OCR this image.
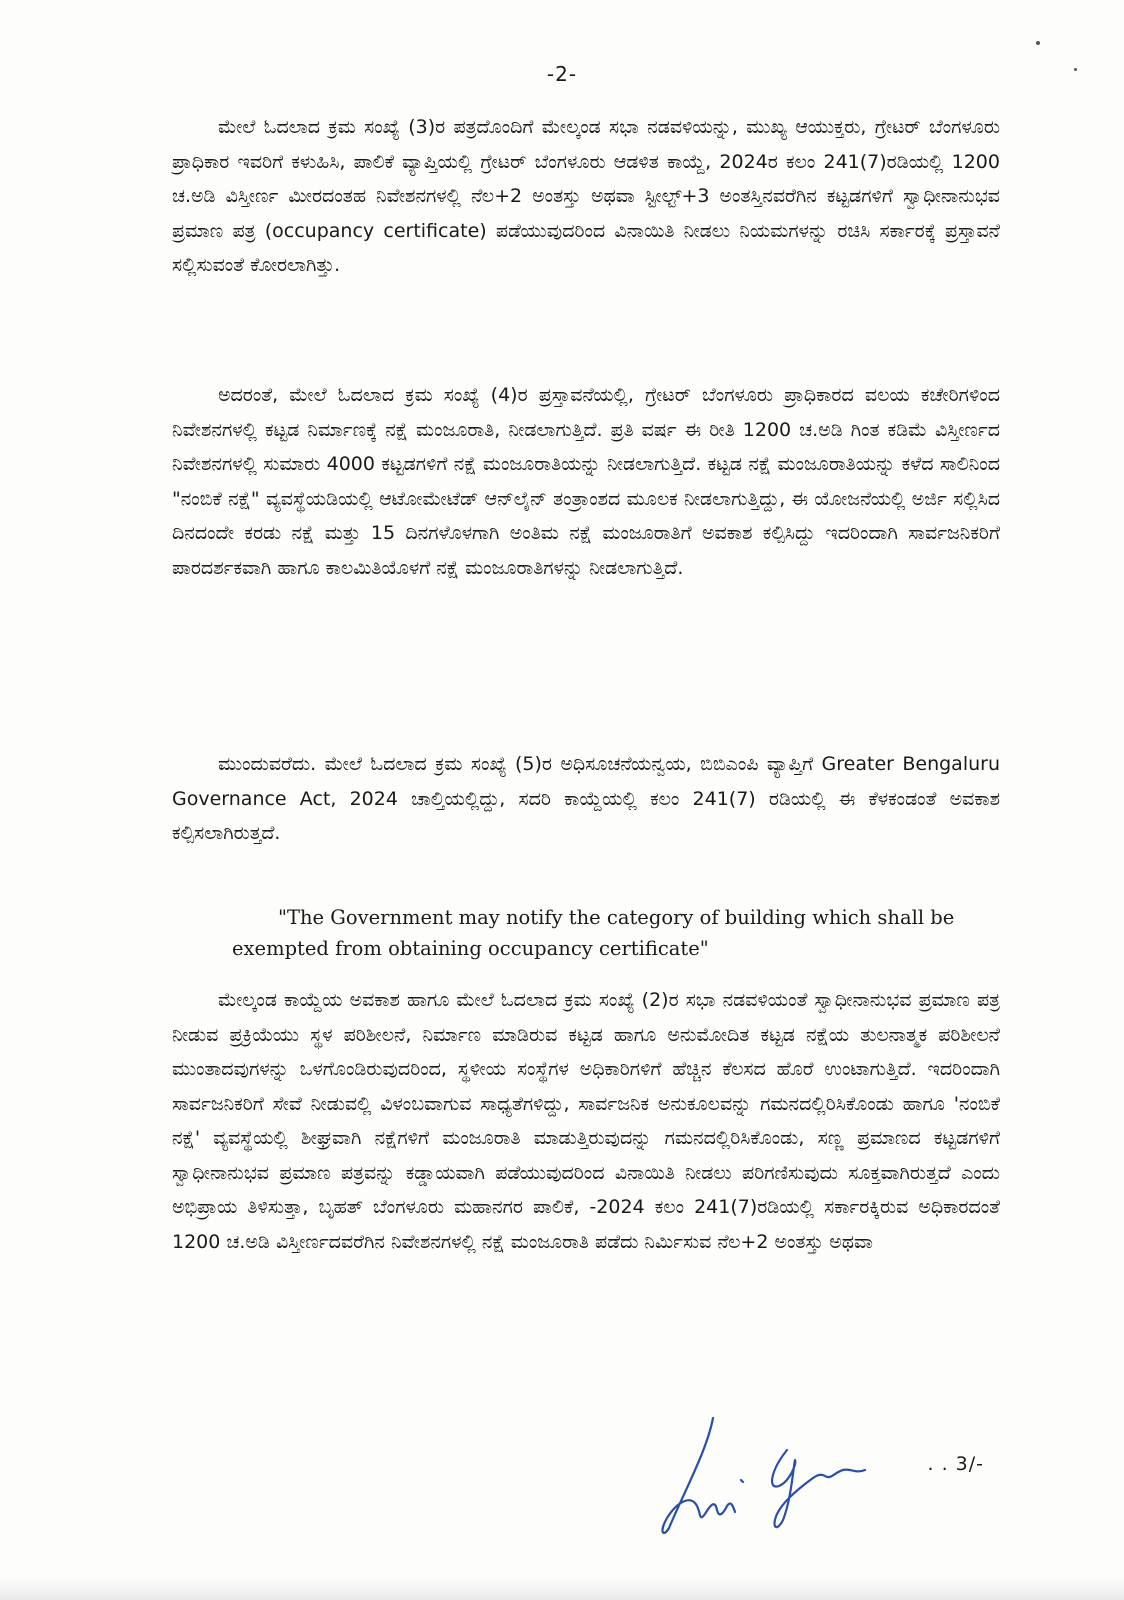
-2-

ಮೇಲೆ ಓದಲಾದ ಕ್ರಮ ಸಂಖ್ಯೆ (3)ರ ಪತ್ರದೊಂದಿಗೆ ಮೇಲ್ಕಂಡ ಸಭಾ ನಡವಳಿಯನ್ನು, ಮುಖ್ಯ ಆಯುಕ್ತರು, ಗ್ರೇಟರ್ ಬೆಂಗಳೂರು ಪ್ರಾಧಿಕಾರ ಇವರಿಗೆ ಕಳುಹಿಸಿ, ಪಾಲಿಕೆ ವ್ಯಾಪ್ತಿಯಲ್ಲಿ ಗ್ರೇಟರ್ ಬೆಂಗಳೂರು ಆಡಳಿತ ಕಾಯ್ದೆ, 2024ರ ಕಲಂ 241(7)ರಡಿಯಲ್ಲಿ 1200 ಚ.ಅಡಿ ವಿಸ್ತೀರ್ಣ ಮೀರದಂತಹ ನಿವೇಶನಗಳಲ್ಲಿ ನೆಲ+2 ಅಂತಸ್ತು ಅಥವಾ ಸ್ಟೀಲ್ಟ್+3 ಅಂತಸ್ತಿನವರೆಗಿನ ಕಟ್ಟಡಗಳಿಗೆ ಸ್ವಾಧೀನಾನುಭವ ಪ್ರಮಾಣ ಪತ್ರ (occupancy certificate) ಪಡೆಯುವುದರಿಂದ ವಿನಾಯಿತಿ ನೀಡಲು ನಿಯಮಗಳನ್ನು ರಚಿಸಿ ಸರ್ಕಾರಕ್ಕೆ ಪ್ರಸ್ತಾವನೆ ಸಲ್ಲಿಸುವಂತೆ ಕೋರಲಾಗಿತ್ತು.

ಅದರಂತೆ, ಮೇಲೆ ಓದಲಾದ ಕ್ರಮ ಸಂಖ್ಯೆ (4)ರ ಪ್ರಸ್ತಾವನೆಯಲ್ಲಿ, ಗ್ರೇಟರ್ ಬೆಂಗಳೂರು ಪ್ರಾಧಿಕಾರದ ವಲಯ ಕಚೇರಿಗಳಿಂದ ನಿವೇಶನಗಳಲ್ಲಿ ಕಟ್ಟಡ ನಿರ್ಮಾಣಕ್ಕೆ ನಕ್ಷೆ ಮಂಜೂರಾತಿ, ನೀಡಲಾಗುತ್ತಿದೆ. ಪ್ರತಿ ವರ್ಷ ಈ ರೀತಿ 1200 ಚ.ಅಡಿ ಗಿಂತ ಕಡಿಮೆ ವಿಸ್ತೀರ್ಣದ ನಿವೇಶನಗಳಲ್ಲಿ ಸುಮಾರು 4000 ಕಟ್ಟಡಗಳಿಗೆ ನಕ್ಷೆ ಮಂಜೂರಾತಿಯನ್ನು ನೀಡಲಾಗುತ್ತಿದೆ. ಕಟ್ಟಡ ನಕ್ಷೆ ಮಂಜೂರಾತಿಯನ್ನು ಕಳೆದ ಸಾಲಿನಿಂದ "ನಂಬಿಕೆ ನಕ್ಷೆ" ವ್ಯವಸ್ಥೆಯಡಿಯಲ್ಲಿ ಆಟೋಮೇಟೆಡ್ ಆನ್‌ಲೈನ್ ತಂತ್ರಾಂಶದ ಮೂಲಕ ನೀಡಲಾಗುತ್ತಿದ್ದು, ಈ ಯೋಜನೆಯಲ್ಲಿ ಅರ್ಜಿ ಸಲ್ಲಿಸಿದ ದಿನದಂದೇ ಕರಡು ನಕ್ಷೆ ಮತ್ತು 15 ದಿನಗಳೊಳಗಾಗಿ ಅಂತಿಮ ನಕ್ಷೆ ಮಂಜೂರಾತಿಗೆ ಅವಕಾಶ ಕಲ್ಪಿಸಿದ್ದು ಇದರಿಂದಾಗಿ ಸಾರ್ವಜನಿಕರಿಗೆ ಪಾರದರ್ಶಕವಾಗಿ ಹಾಗೂ ಕಾಲಮಿತಿಯೊಳಗೆ ನಕ್ಷೆ ಮಂಜೂರಾತಿಗಳನ್ನು ನೀಡಲಾಗುತ್ತಿದೆ.

ಮುಂದುವರೆದು. ಮೇಲೆ ಓದಲಾದ ಕ್ರಮ ಸಂಖ್ಯೆ (5)ರ ಅಧಿಸೂಚನೆಯನ್ವಯ, ಬಿಬಿಎಂಪಿ ವ್ಯಾಪ್ತಿಗೆ Greater Bengaluru Governance Act, 2024 ಚಾಲ್ತಿಯಲ್ಲಿದ್ದು, ಸದರಿ ಕಾಯ್ದೆಯಲ್ಲಿ ಕಲಂ 241(7) ರಡಿಯಲ್ಲಿ ಈ ಕೆಳಕಂಡಂತೆ ಅವಕಾಶ ಕಲ್ಪಿಸಲಾಗಿರುತ್ತದೆ.

"The Government may notify the category of building which shall be exempted from obtaining occupancy certificate"

ಮೇಲ್ಕಂಡ ಕಾಯ್ದೆಯ ಅವಕಾಶ ಹಾಗೂ ಮೇಲೆ ಓದಲಾದ ಕ್ರಮ ಸಂಖ್ಯೆ (2)ರ ಸಭಾ ನಡವಳಿಯಂತೆ ಸ್ವಾಧೀನಾನುಭವ ಪ್ರಮಾಣ ಪತ್ರ ನೀಡುವ ಪ್ರಕ್ರಿಯೆಯು ಸ್ಥಳ ಪರಿಶೀಲನೆ, ನಿರ್ಮಾಣ ಮಾಡಿರುವ ಕಟ್ಟಡ ಹಾಗೂ ಅನುಮೋದಿತ ಕಟ್ಟಡ ನಕ್ಷೆಯ ತುಲನಾತ್ಮಕ ಪರಿಶೀಲನೆ ಮುಂತಾದವುಗಳನ್ನು ಒಳಗೊಂಡಿರುವುದರಿಂದ, ಸ್ಥಳೀಯ ಸಂಸ್ಥೆಗಳ ಅಧಿಕಾರಿಗಳಿಗೆ ಹೆಚ್ಚಿನ ಕೆಲಸದ ಹೊರೆ ಉಂಟಾಗುತ್ತಿದೆ. ಇದರಿಂದಾಗಿ ಸಾರ್ವಜನಿಕರಿಗೆ ಸೇವೆ ನೀಡುವಲ್ಲಿ ವಿಳಂಬವಾಗುವ ಸಾಧ್ಯತೆಗಳಿದ್ದು, ಸಾರ್ವಜನಿಕ ಅನುಕೂಲವನ್ನು ಗಮನದಲ್ಲಿರಿಸಿಕೊಂಡು ಹಾಗೂ 'ನಂಬಿಕೆ ನಕ್ಷೆ' ವ್ಯವಸ್ಥೆಯಲ್ಲಿ ಶೀಘ್ರವಾಗಿ ನಕ್ಷೆಗಳಿಗೆ ಮಂಜೂರಾತಿ ಮಾಡುತ್ತಿರುವುದನ್ನು ಗಮನದಲ್ಲಿರಿಸಿಕೊಂಡು, ಸಣ್ಣ ಪ್ರಮಾಣದ ಕಟ್ಟಡಗಳಿಗೆ ಸ್ವಾಧೀನಾನುಭವ ಪ್ರಮಾಣ ಪತ್ರವನ್ನು ಕಡ್ಡಾಯವಾಗಿ ಪಡೆಯುವುದರಿಂದ ವಿನಾಯಿತಿ ನೀಡಲು ಪರಿಗಣಿಸುವುದು ಸೂಕ್ತವಾಗಿರುತ್ತದೆ ಎಂದು ಅಭಿಪ್ರಾಯ ತಿಳಿಸುತ್ತಾ, ಬೃಹತ್ ಬೆಂಗಳೂರು ಮಹಾನಗರ ಪಾಲಿಕೆ, -2024 ಕಲಂ 241(7)ರಡಿಯಲ್ಲಿ ಸರ್ಕಾರಕ್ಕಿರುವ ಅಧಿಕಾರದಂತೆ 1200 ಚ.ಅಡಿ ವಿಸ್ತೀರ್ಣದವರೆಗಿನ ನಿವೇಶನಗಳಲ್ಲಿ ನಕ್ಷೆ ಮಂಜೂರಾತಿ ಪಡೆದು ನಿರ್ಮಿಸುವ ನೆಲ+2 ಅಂತಸ್ತು ಅಥವಾ

. . 3/-
